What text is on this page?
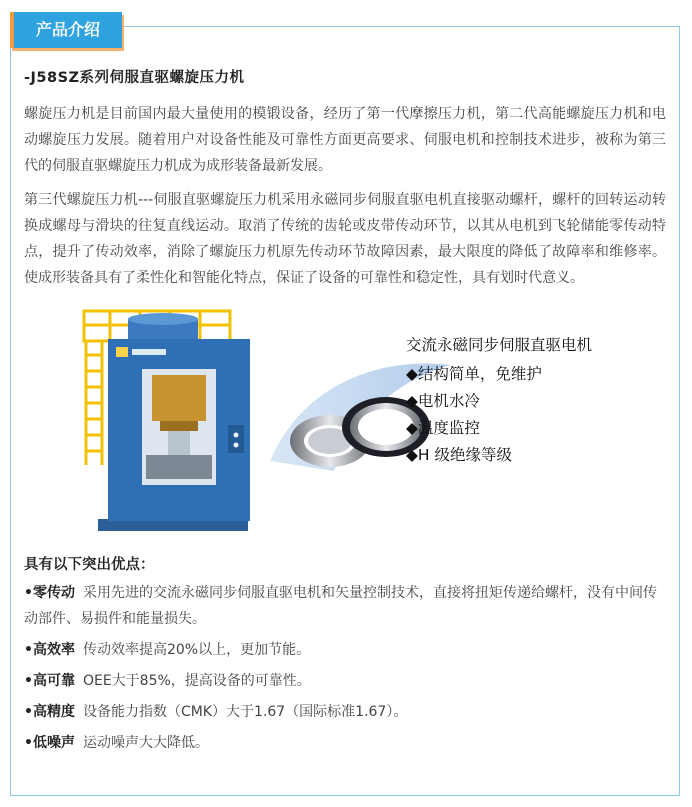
产品介绍
-J58SZ系列伺服直驱螺旋压力机

螺旋压力机是目前国内最大量使用的模锻设备，经历了第一代摩擦压力机，第二代高能螺旋压力机和电动螺旋压力发展。随着用户对设备性能及可靠性方面更高要求、伺服电机和控制技术进步，被称为第三代的伺服直驱螺旋压力机成为成形装备最新发展。

第三代螺旋压力机---伺服直驱螺旋压力机采用永磁同步伺服直驱电机直接驱动螺杆，螺杆的回转运动转换成螺母与滑块的往复直线运动。取消了传统的齿轮或皮带传动环节，以其从电机到飞轮储能零传动特点，提升了传动效率，消除了螺旋压力机原先传动环节故障因素，最大限度的降低了故障率和维修率。使成形装备具有了柔性化和智能化特点，保证了设备的可靠性和稳定性，具有划时代意义。

交流永磁同步伺服直驱电机
◆结构简单，免维护
◆电机水冷
◆温度监控
◆H 级绝缘等级
具有以下突出优点：

•零传动 采用先进的交流永磁同步伺服直驱电机和矢量控制技术，直接将扭矩传递给螺杆，没有中间传动部件、易损件和能量损失。

•高效率 传动效率提高20%以上，更加节能。

•高可靠 OEE大于85%，提高设备的可靠性。

•高精度 设备能力指数（CMK）大于1.67（国际标准1.67）。

•低噪声 运动噪声大大降低。
